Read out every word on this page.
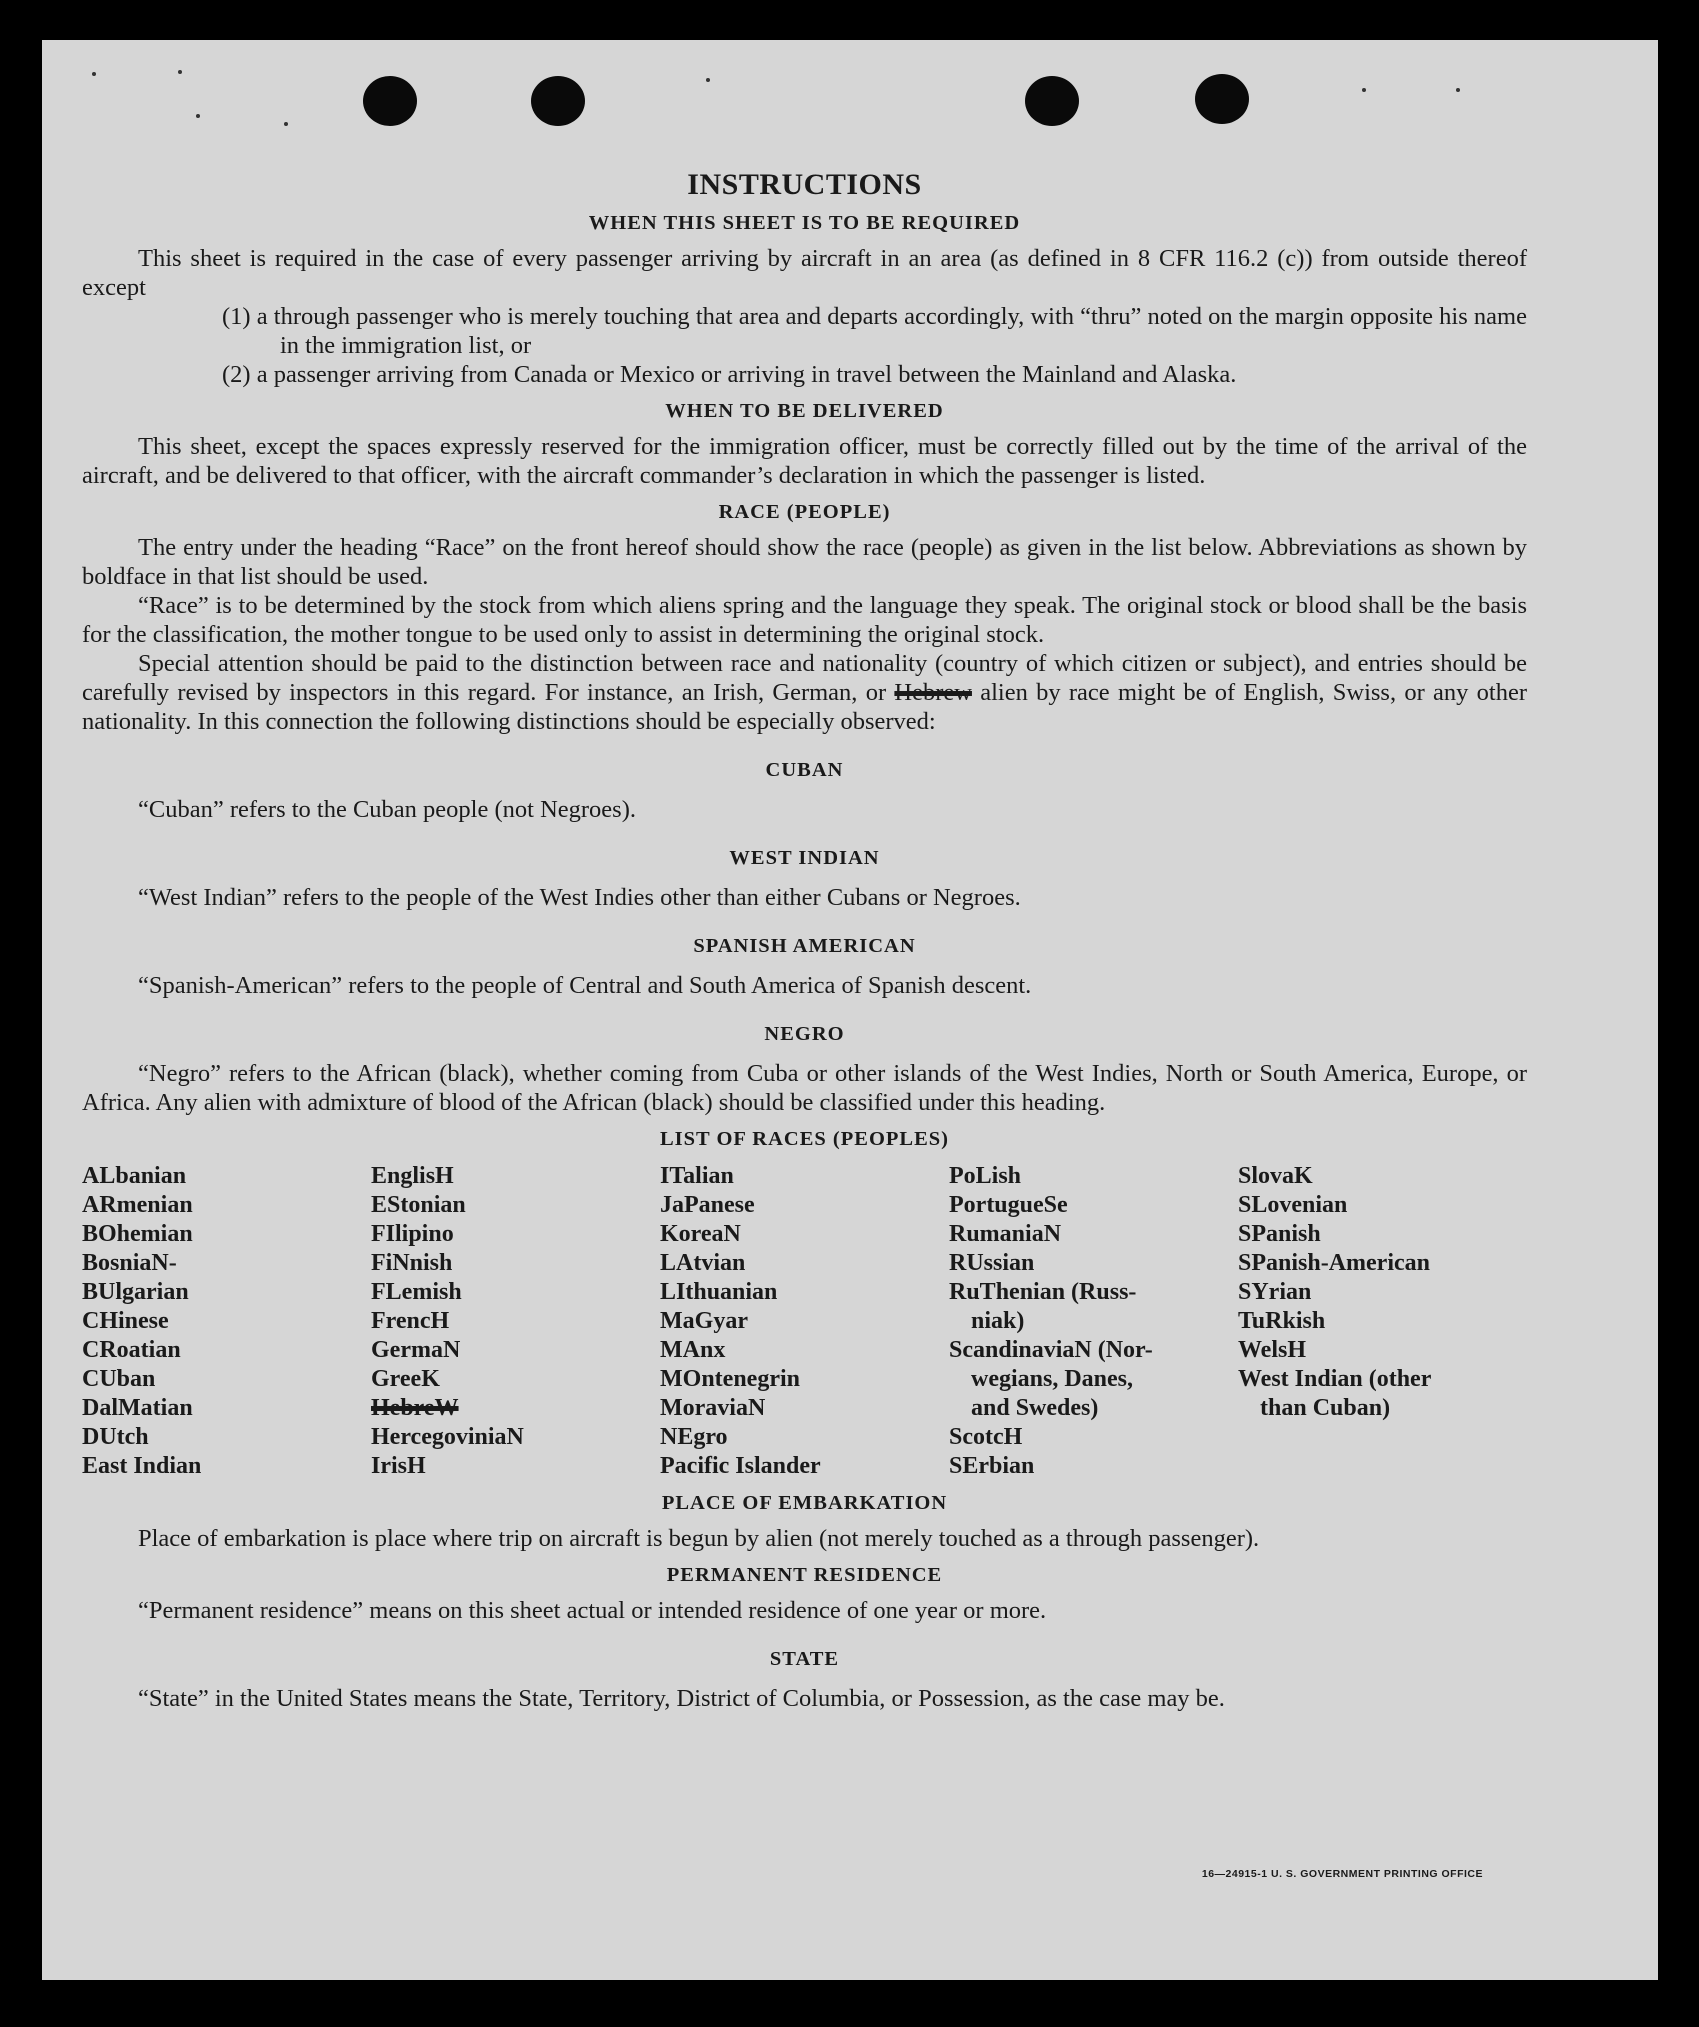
INSTRUCTIONS
WHEN THIS SHEET IS TO BE REQUIRED

This sheet is required in the case of every passenger arriving by aircraft in an area (as defined in 8 CFR 116.2 (c)) from outside thereof except

(1) a through passenger who is merely touching that area and departs accordingly, with “thru” noted on the margin opposite his name in the immigration list, or

(2) a passenger arriving from Canada or Mexico or arriving in travel between the Mainland and Alaska.

WHEN TO BE DELIVERED

This sheet, except the spaces expressly reserved for the immigration officer, must be correctly filled out by the time of the arrival of the aircraft, and be delivered to that officer, with the aircraft commander’s declaration in which the passenger is listed.

RACE (PEOPLE)

The entry under the heading “Race” on the front hereof should show the race (people) as given in the list below. Abbreviations as shown by boldface in that list should be used.

“Race” is to be determined by the stock from which aliens spring and the language they speak. The original stock or blood shall be the basis for the classification, the mother tongue to be used only to assist in determining the original stock.

Special attention should be paid to the distinction between race and nationality (country of which citizen or subject), and entries should be carefully revised by inspectors in this regard. For instance, an Irish, German, or Hebrew alien by race might be of English, Swiss, or any other nationality. In this connection the following distinctions should be especially observed:

CUBAN

“Cuban” refers to the Cuban people (not Negroes).

WEST INDIAN

“West Indian” refers to the people of the West Indies other than either Cubans or Negroes.

SPANISH AMERICAN

“Spanish-American” refers to the people of Central and South America of Spanish descent.

NEGRO

“Negro” refers to the African (black), whether coming from Cuba or other islands of the West Indies, North or South America, Europe, or Africa. Any alien with admixture of blood of the African (black) should be classified under this heading.

LIST OF RACES (PEOPLES)
ALbanian
ARmenian
BOhemian
BosniaN-
BUlgarian
CHinese
CRoatian
CUban
DalMatian
DUtch
East Indian
EnglisH
EStonian
FIlipino
FiNnish
FLemish
FrencH
GermaN
GreeK
HebreW
HercegoviniaN
IrisH
ITalian
JaPanese
KoreaN
LAtvian
LIthuanian
MaGyar
MAnx
MOntenegrin
MoraviaN
NEgro
Pacific Islander
PoLish
PortugueSe
RumaniaN
RUssian
RuThenian (Russ-
niak)
ScandinaviaN (Nor-
wegians, Danes,
and Swedes)
ScotcH
SErbian
SlovaK
SLovenian
SPanish
SPanish-American
SYrian
TuRkish
WelsH
West Indian (other
than Cuban)
PLACE OF EMBARKATION

Place of embarkation is place where trip on aircraft is begun by alien (not merely touched as a through passenger).

PERMANENT RESIDENCE

“Permanent residence” means on this sheet actual or intended residence of one year or more.

STATE

“State” in the United States means the State, Territory, District of Columbia, or Possession, as the case may be.

16—24915-1 U. S. GOVERNMENT PRINTING OFFICE
